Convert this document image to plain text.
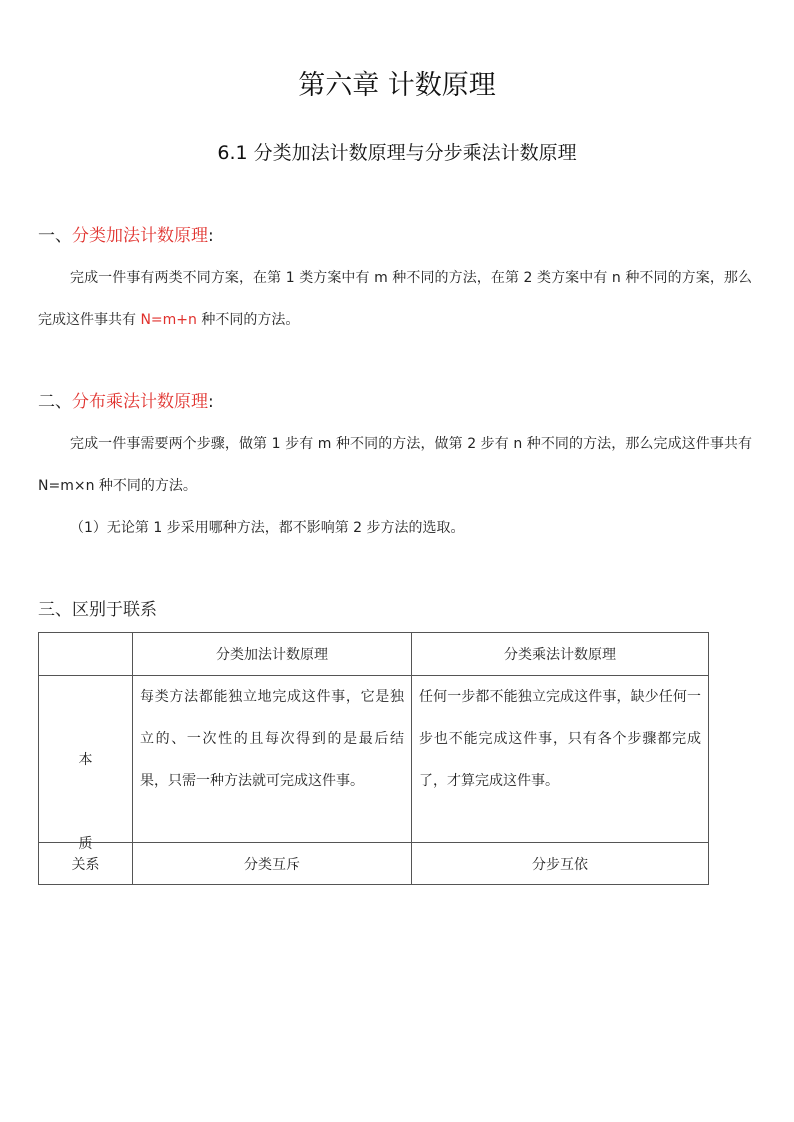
第六章 计数原理
6.1 分类加法计数原理与分步乘法计数原理
一、分类加法计数原理:

完成一件事有两类不同方案，在第 1 类方案中有 m 种不同的方法，在第 2 类方案中有 n 种不同的方案，那么完成这件事共有 N=m+n 种不同的方法。

二、分布乘法计数原理:

完成一件事需要两个步骤，做第 1 步有 m 种不同的方法，做第 2 步有 n 种不同的方法，那么完成这件事共有 N=m×n 种不同的方法。

（1）无论第 1 步采用哪种方法，都不影响第 2 步方法的选取。
三、区别于联系
	分类加法计数原理	分类乘法计数原理

本
质	每类方法都能独立地完成这件事，它是独立的、一次性的且每次得到的是最后结果，只需一种方法就可完成这件事。	任何一步都不能独立完成这件事，缺少任何一步也不能完成这件事，只有各个步骤都完成了，才算完成这件事。
关系	分类互斥	分步互依
